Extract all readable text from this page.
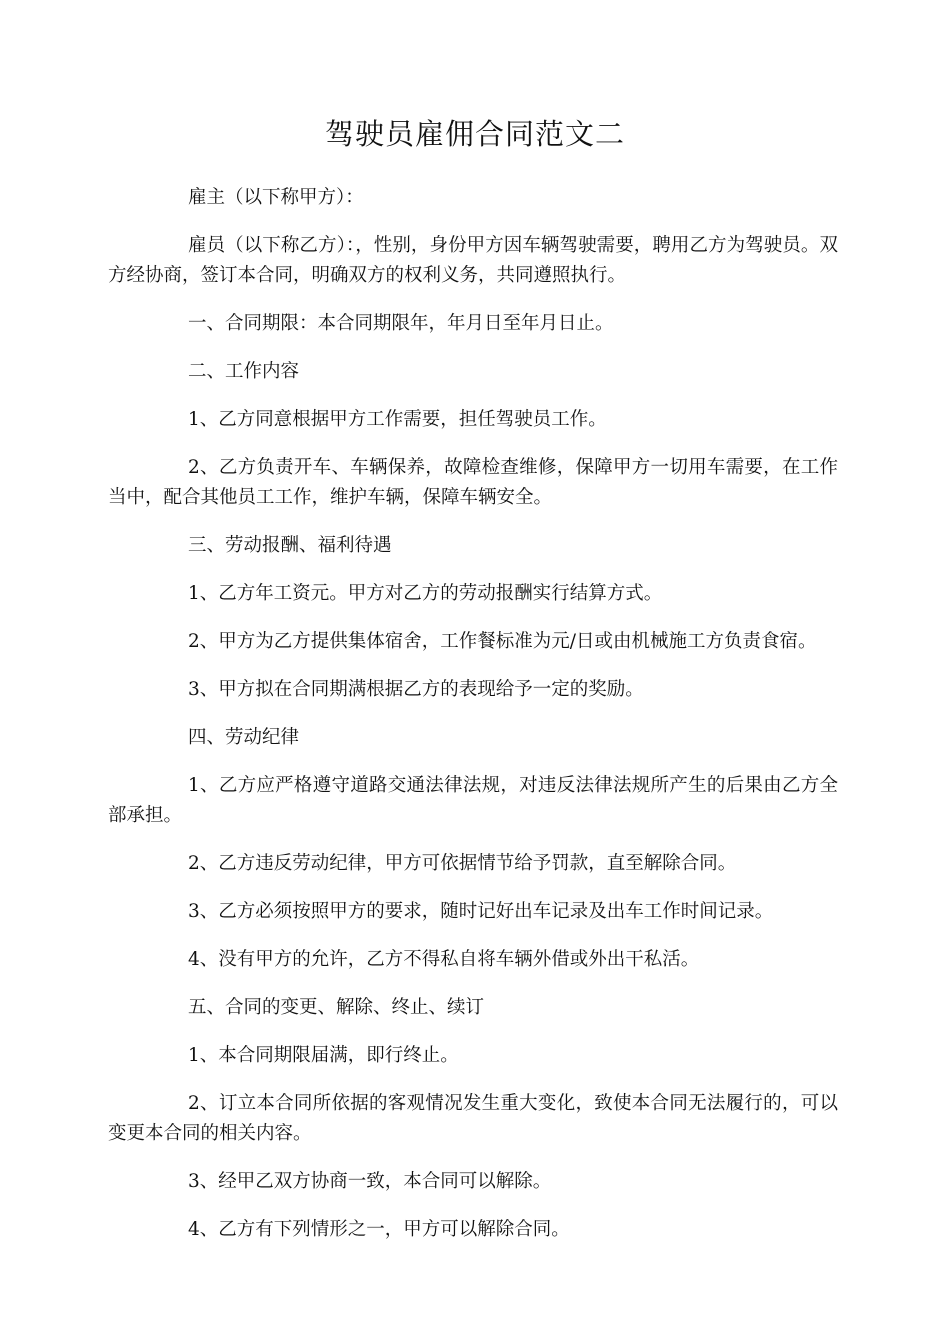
驾驶员雇佣合同范文二

雇主（以下称甲方）：

雇员（以下称乙方）：，性别，身份甲方因车辆驾驶需要，聘用乙方为驾驶员。双方经协商，签订本合同，明确双方的权利义务，共同遵照执行。

一、合同期限：本合同期限年，年月日至年月日止。

二、工作内容

1、乙方同意根据甲方工作需要，担任驾驶员工作。

2、乙方负责开车、车辆保养，故障检查维修，保障甲方一切用车需要，在工作当中，配合其他员工工作，维护车辆，保障车辆安全。

三、劳动报酬、福利待遇

1、乙方年工资元。甲方对乙方的劳动报酬实行结算方式。

2、甲方为乙方提供集体宿舍，工作餐标准为元/日或由机械施工方负责食宿。

3、甲方拟在合同期满根据乙方的表现给予一定的奖励。

四、劳动纪律

1、乙方应严格遵守道路交通法律法规，对违反法律法规所产生的后果由乙方全部承担。

2、乙方违反劳动纪律，甲方可依据情节给予罚款，直至解除合同。

3、乙方必须按照甲方的要求，随时记好出车记录及出车工作时间记录。

4、没有甲方的允许，乙方不得私自将车辆外借或外出干私活。

五、合同的变更、解除、终止、续订

1、本合同期限届满，即行终止。

2、订立本合同所依据的客观情况发生重大变化，致使本合同无法履行的，可以变更本合同的相关内容。

3、经甲乙双方协商一致，本合同可以解除。

4、乙方有下列情形之一，甲方可以解除合同。
